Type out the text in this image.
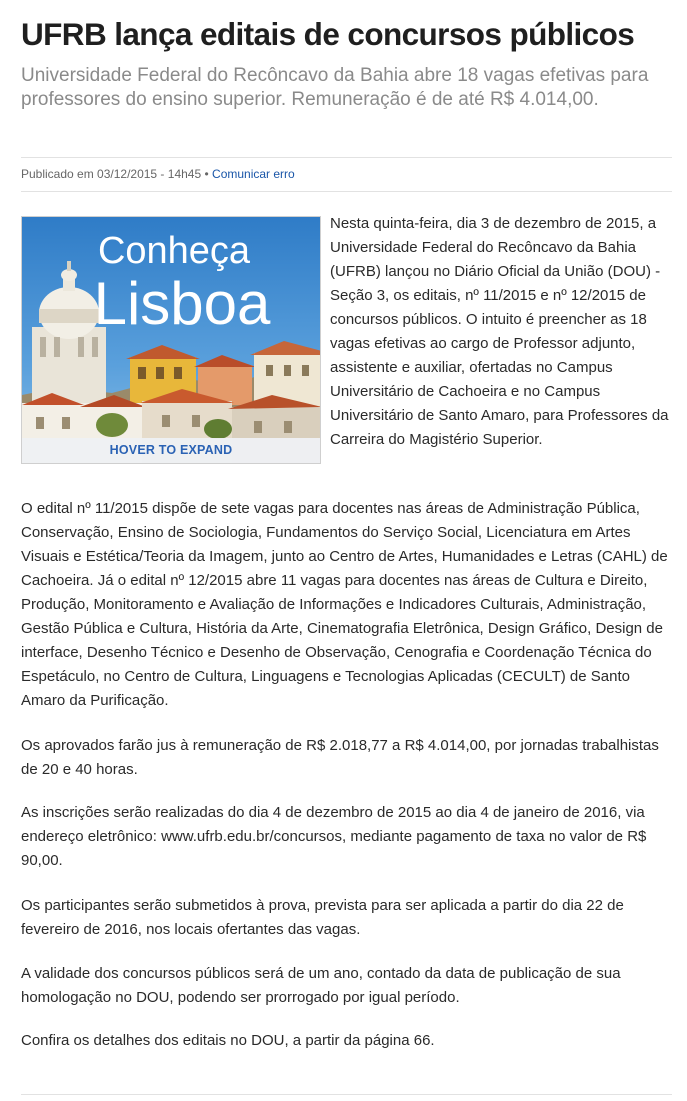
UFRB lança editais de concursos públicos

Universidade Federal do Recôncavo da Bahia abre 18 vagas efetivas para professores do ensino superior. Remuneração é de até R$ 4.014,00.

Publicado em 03/12/2015 - 14h45 • Comunicar erro
Conheça
Lisboa
HOVER TO EXPAND

Nesta quinta-feira, dia 3 de dezembro de 2015, a Universidade Federal do Recôncavo da Bahia (UFRB) lançou no Diário Oficial da União (DOU) - Seção 3, os editais, nº 11/2015 e nº 12/2015 de concursos públicos. O intuito é preencher as 18 vagas efetivas ao cargo de Professor adjunto, assistente e auxiliar, ofertadas no Campus Universitário de Cachoeira e no Campus Universitário de Santo Amaro, para Professores da Carreira do Magistério Superior.

O edital nº 11/2015 dispõe de sete vagas para docentes nas áreas de Administração Pública, Conservação, Ensino de Sociologia, Fundamentos do Serviço Social, Licenciatura em Artes Visuais e Estética/Teoria da Imagem, junto ao Centro de Artes, Humanidades e Letras (CAHL) de Cachoeira. Já o edital nº 12/2015 abre 11 vagas para docentes nas áreas de Cultura e Direito, Produção, Monitoramento e Avaliação de Informações e Indicadores Culturais, Administração, Gestão Pública e Cultura, História da Arte, Cinematografia Eletrônica, Design Gráfico, Design de interface, Desenho Técnico e Desenho de Observação, Cenografia e Coordenação Técnica do Espetáculo, no Centro de Cultura, Linguagens e Tecnologias Aplicadas (CECULT) de Santo Amaro da Purificação.

Os aprovados farão jus à remuneração de R$ 2.018,77 a R$ 4.014,00, por jornadas trabalhistas de 20 e 40 horas.

As inscrições serão realizadas do dia 4 de dezembro de 2015 ao dia 4 de janeiro de 2016, via endereço eletrônico: www.ufrb.edu.br/concursos, mediante pagamento de taxa no valor de R$ 90,00.

Os participantes serão submetidos à prova, prevista para ser aplicada a partir do dia 22 de fevereiro de 2016, nos locais ofertantes das vagas.

A validade dos concursos públicos será de um ano, contado da data de publicação de sua homologação no DOU, podendo ser prorrogado por igual período.

Confira os detalhes dos editais no DOU, a partir da página 66.
